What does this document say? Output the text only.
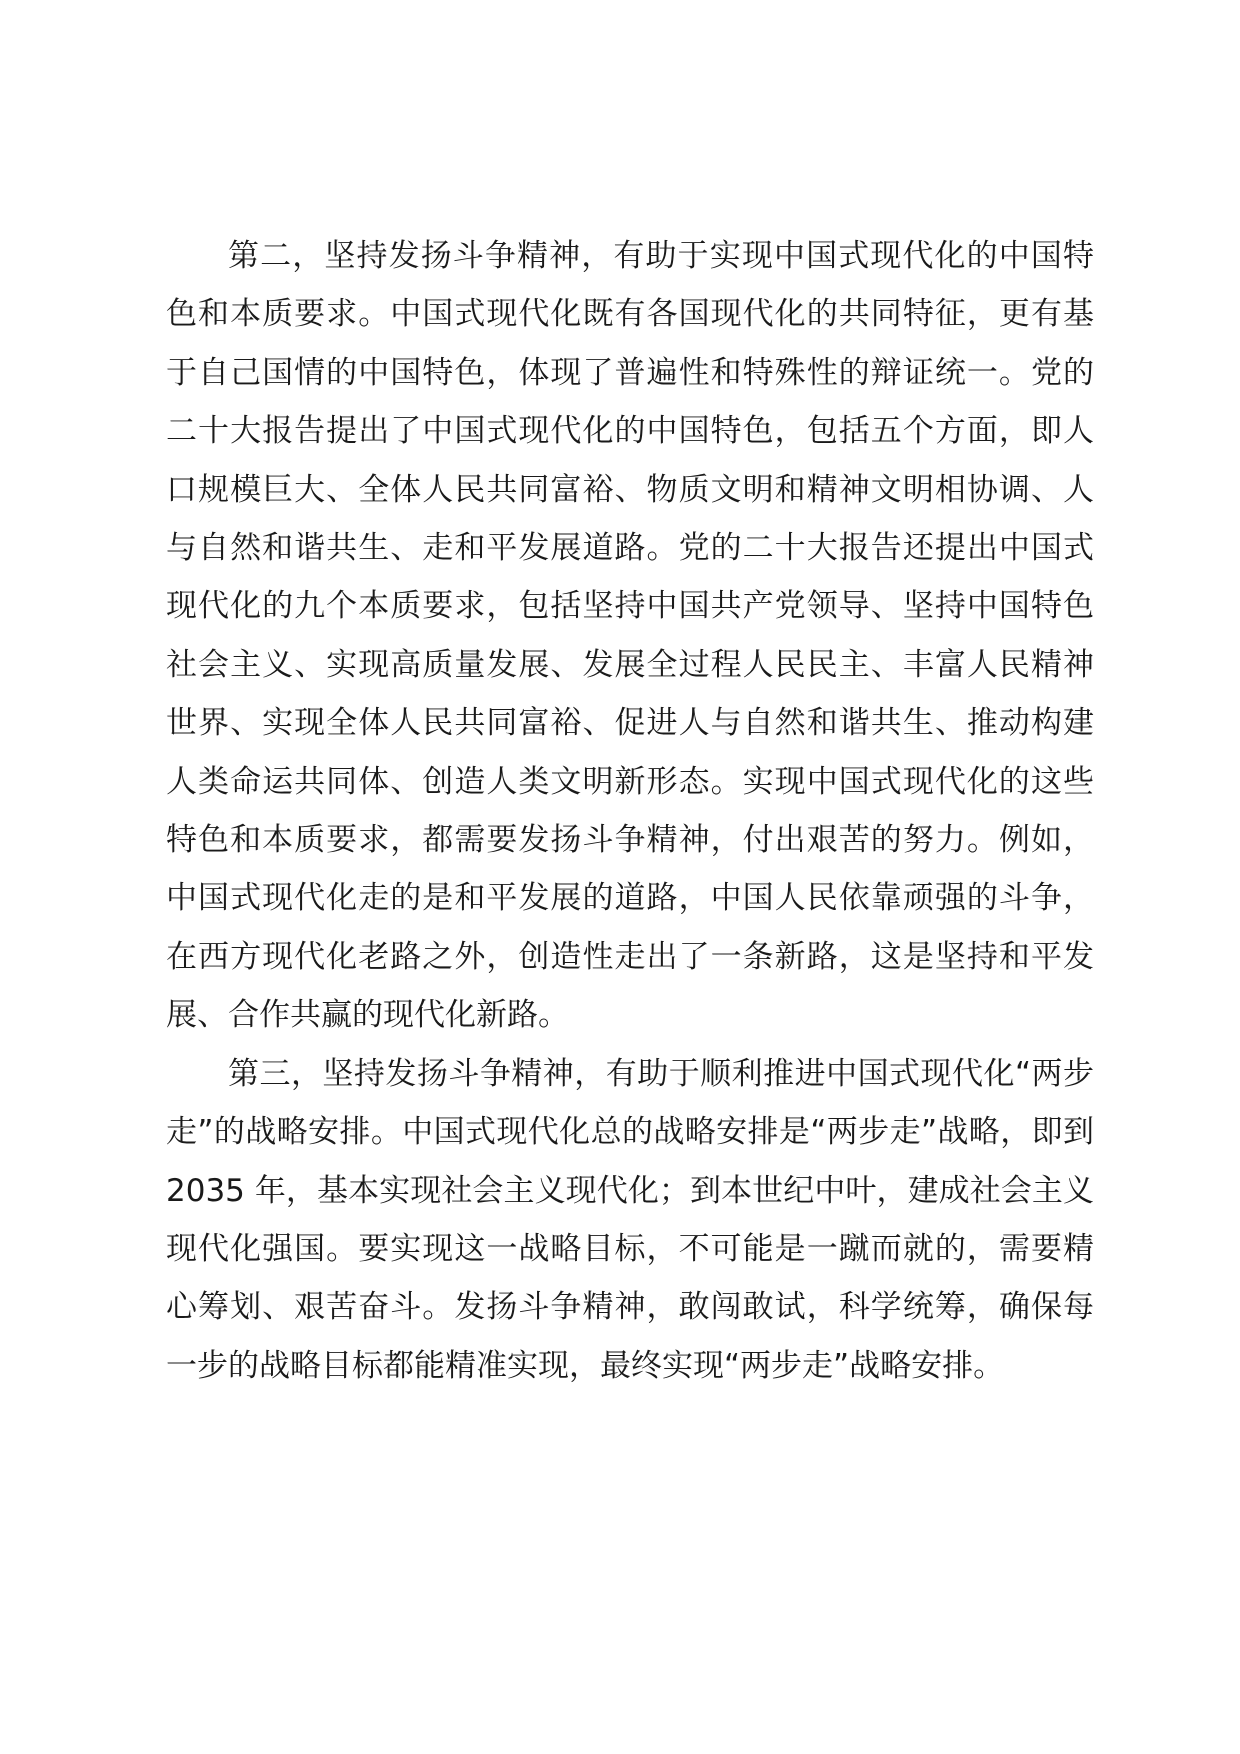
第二，坚持发扬斗争精神，有助于实现中国式现代化的中国特色和本质要求。中国式现代化既有各国现代化的共同特征，更有基于自己国情的中国特色，体现了普遍性和特殊性的辩证统一。党的二十大报告提出了中国式现代化的中国特色，包括五个方面，即人口规模巨大、全体人民共同富裕、物质文明和精神文明相协调、人与自然和谐共生、走和平发展道路。党的二十大报告还提出中国式现代化的九个本质要求，包括坚持中国共产党领导、坚持中国特色社会主义、实现高质量发展、发展全过程人民民主、丰富人民精神世界、实现全体人民共同富裕、促进人与自然和谐共生、推动构建人类命运共同体、创造人类文明新形态。实现中国式现代化的这些特色和本质要求，都需要发扬斗争精神，付出艰苦的努力。例如，中国式现代化走的是和平发展的道路，中国人民依靠顽强的斗争，在西方现代化老路之外，创造性走出了一条新路，这是坚持和平发展、合作共赢的现代化新路。

第三，坚持发扬斗争精神，有助于顺利推进中国式现代化“两步走”的战略安排。中国式现代化总的战略安排是“两步走”战略，即到 2035 年，基本实现社会主义现代化；到本世纪中叶，建成社会主义现代化强国。要实现这一战略目标，不可能是一蹴而就的，需要精心筹划、艰苦奋斗。发扬斗争精神，敢闯敢试，科学统筹，确保每一步的战略目标都能精准实现，最终实现“两步走”战略安排。
